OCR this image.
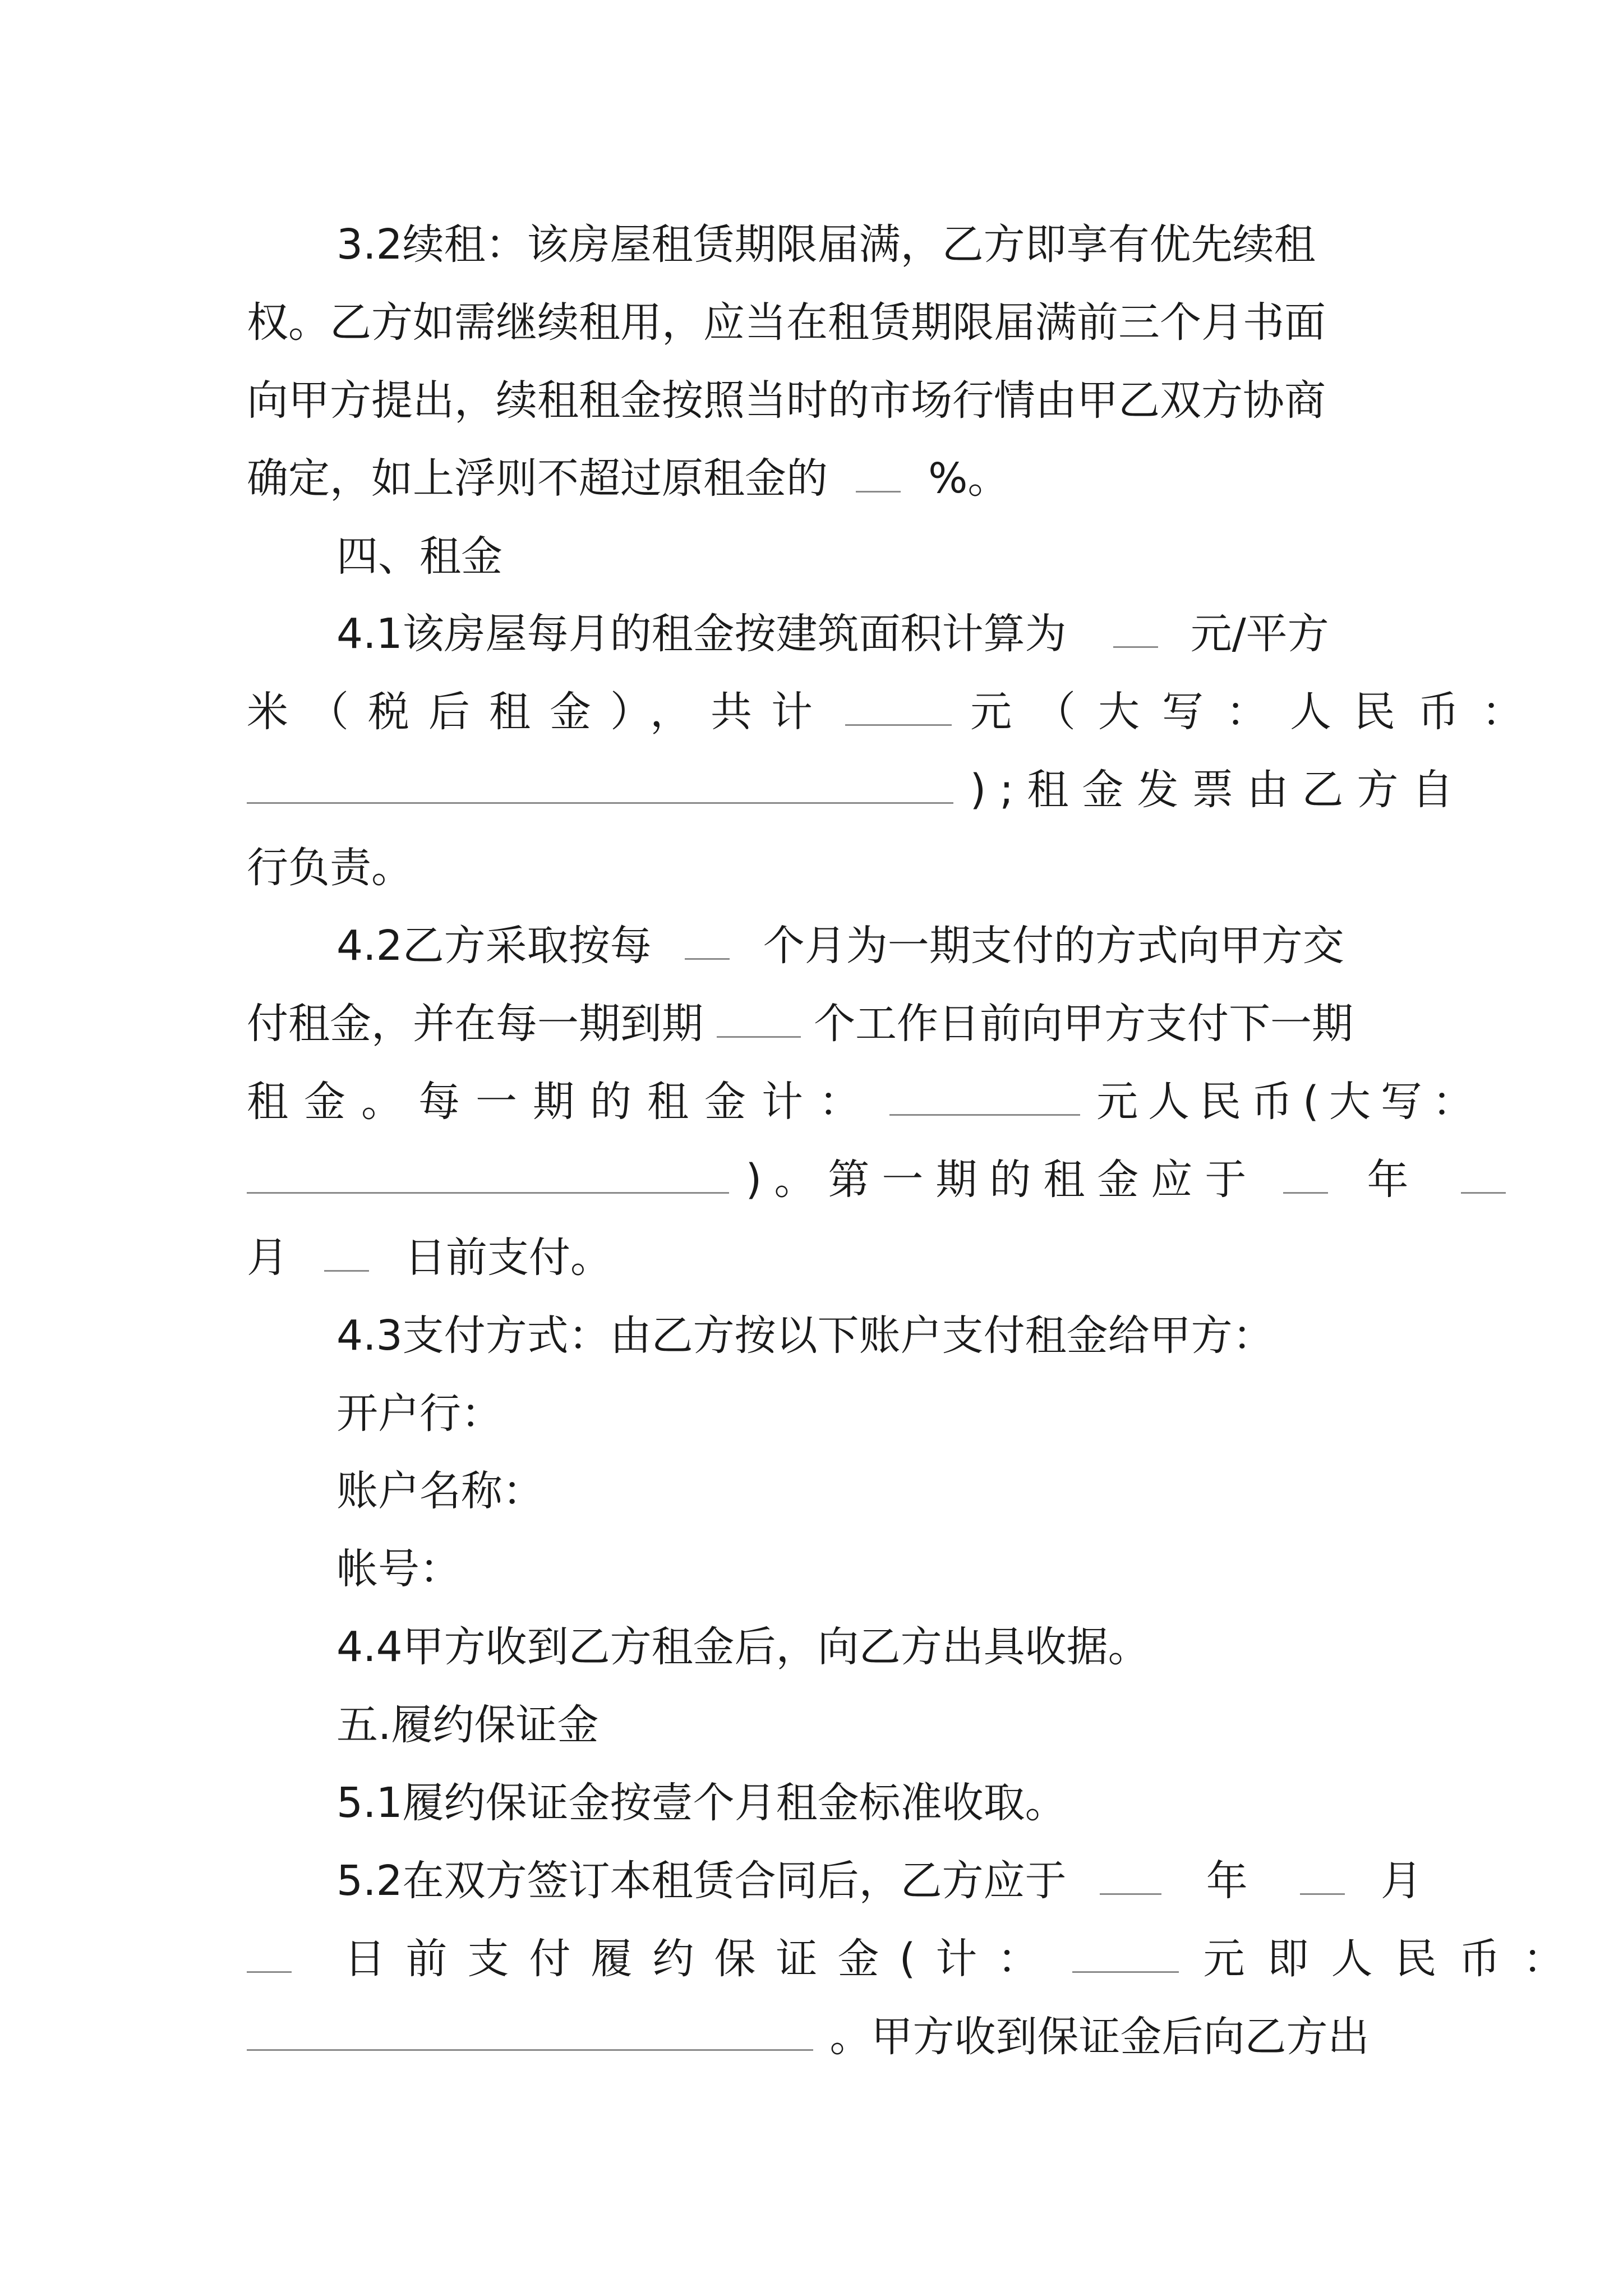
3.2续租：该房屋租赁期限届满，乙方即享有优先续租
权。乙方如需继续租用，应当在租赁期限届满前三个月书面
向甲方提出，续租租金按照当时的市场行情由甲乙双方协商
确定，如上浮则不超过原租金的 %。
四、租金
4.1该房屋每月的租金按建筑面积计算为	元/平方
米（税后租金），共计	元（大写：人民币：
);租金发票由乙方自
行负责。
4.2乙方采取按每	个月为一期支付的方式向甲方交
付租金，并在每一期到期	个工作日前向甲方支付下一期
租金。每一期的租金计：	元人民币(大写：
)。第一期的租金应于	年
月	日前支付。
4.3支付方式：由乙方按以下账户支付租金给甲方：
开户行：
账户名称：
帐号：
4.4甲方收到乙方租金后，向乙方出具收据。
五.履约保证金
5.1履约保证金按壹个月租金标准收取。
5.2在双方签订本租赁合同后，乙方应于	年	月
日前支付履约保证金(计：	元即人民币：
。甲方收到保证金后向乙方出
